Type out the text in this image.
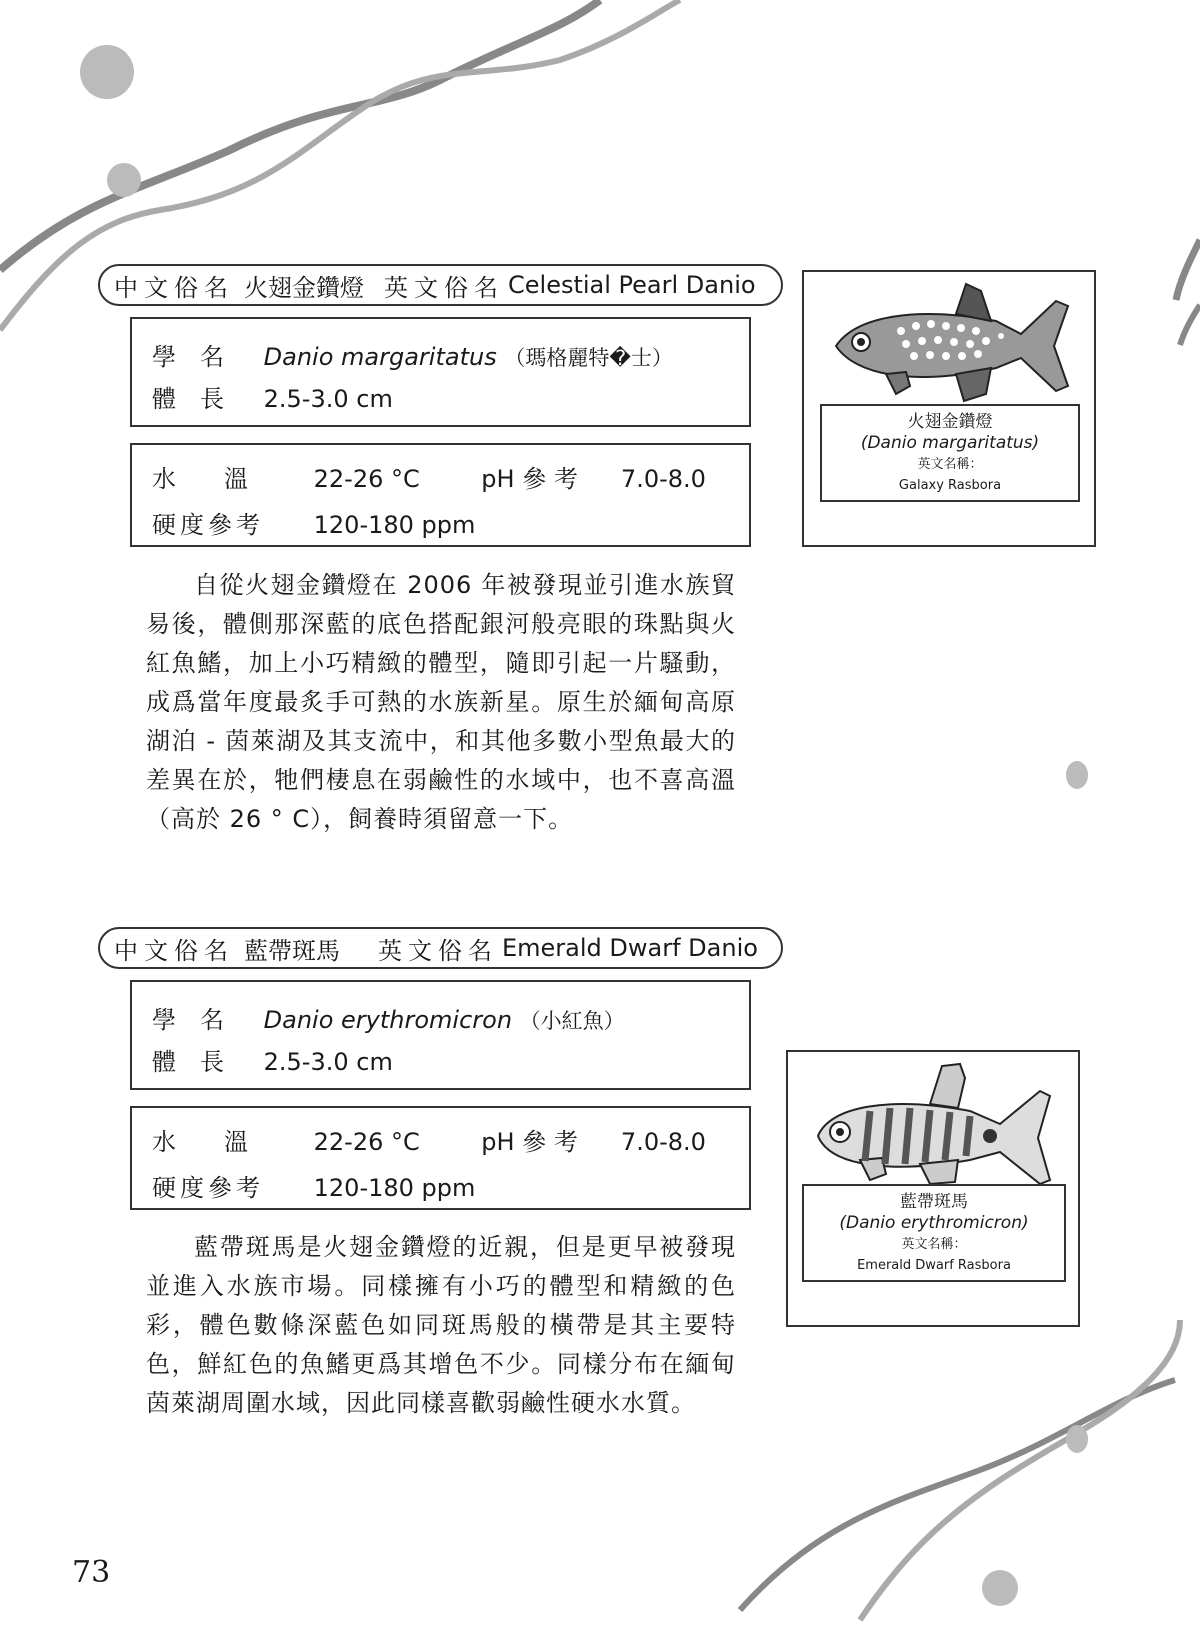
中文俗名 火翅金鑽燈 英文俗名 Celestial Pearl Danio
學　名 Danio margaritatus （瑪格麗特�士）
體　長 2.5-3.0 cm
水　　溫	22-26 °C	pH 參 考 7.0-8.0
硬度參考 120-180 ppm

自從火翅金鑽燈在 2006 年被發現並引進水族貿易後，體側那深藍的底色搭配銀河般亮眼的珠點與火紅魚鰭，加上小巧精緻的體型，隨即引起一片騷動，成爲當年度最炙手可熱的水族新星。原生於緬甸高原湖泊 - 茵萊湖及其支流中，和其他多數小型魚最大的差異在於，牠們棲息在弱鹼性的水域中，也不喜高溫（高於 26 ° C），飼養時須留意一下。

火翅金鑽燈
(Danio margaritatus)
英文名稱：
Galaxy Rasbora
中文俗名 藍帶斑馬 英文俗名 Emerald Dwarf Danio
學　名 Danio erythromicron （小紅魚）
體　長 2.5-3.0 cm
水　　溫	22-26 °C	pH 參 考 7.0-8.0
硬度參考 120-180 ppm

藍帶斑馬是火翅金鑽燈的近親，但是更早被發現並進入水族市場。同樣擁有小巧的體型和精緻的色彩，體色數條深藍色如同斑馬般的橫帶是其主要特色，鮮紅色的魚鰭更爲其增色不少。同樣分布在緬甸茵萊湖周圍水域，因此同樣喜歡弱鹼性硬水水質。

藍帶斑馬
(Danio erythromicron)
英文名稱：
Emerald Dwarf Rasbora
73
